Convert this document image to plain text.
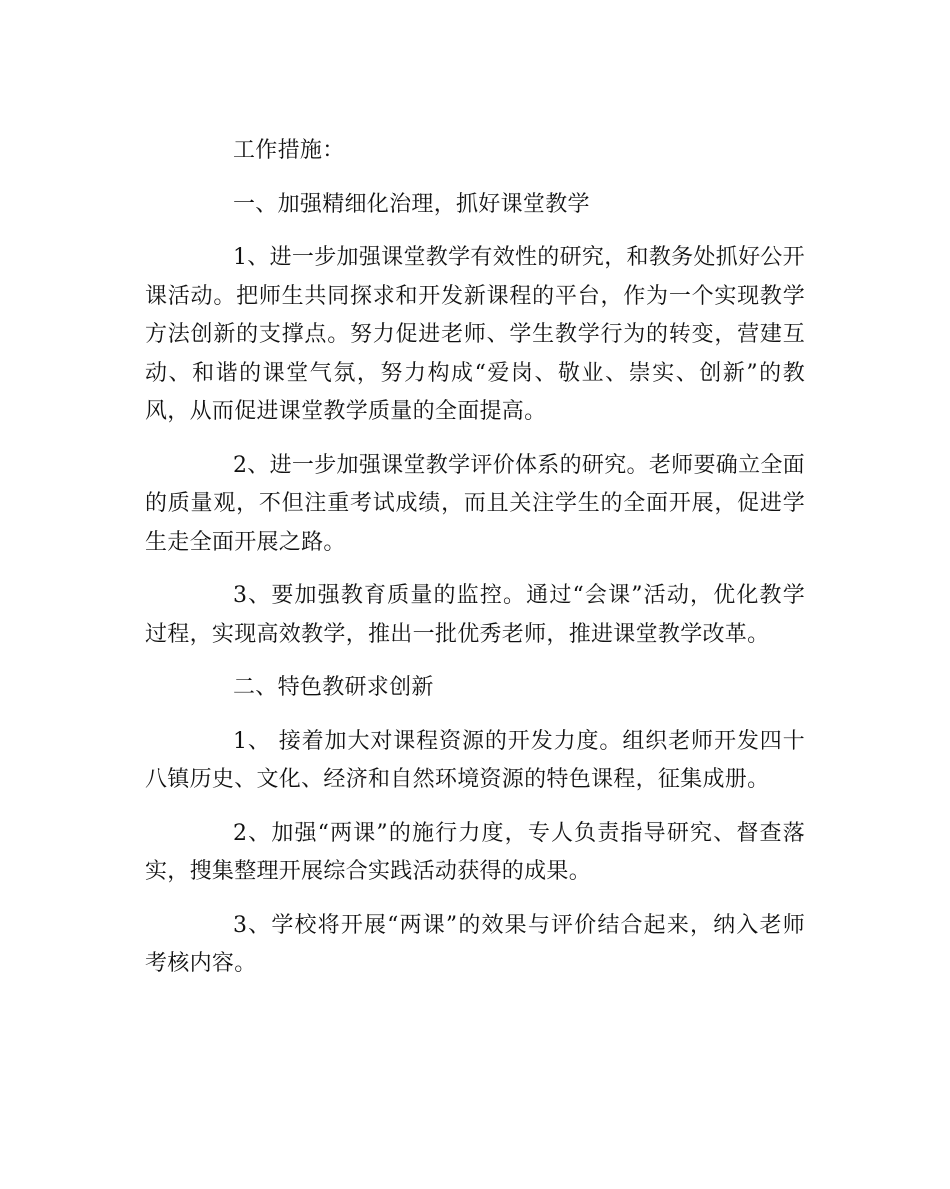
工作措施：

一、加强精细化治理，抓好课堂教学

1、进一步加强课堂教学有效性的研究，和教务处抓好公开课活动。把师生共同探求和开发新课程的平台，作为一个实现教学方法创新的支撑点。努力促进老师、学生教学行为的转变，营建互动、和谐的课堂气氛，努力构成“爱岗、敬业、崇实、创新”的教风，从而促进课堂教学质量的全面提高。

2、进一步加强课堂教学评价体系的研究。老师要确立全面的质量观，不但注重考试成绩，而且关注学生的全面开展，促进学生走全面开展之路。

3、要加强教育质量的监控。通过“会课”活动，优化教学过程，实现高效教学，推出一批优秀老师，推进课堂教学改革。

二、特色教研求创新

1、 接着加大对课程资源的开发力度。组织老师开发四十八镇历史、文化、经济和自然环境资源的特色课程，征集成册。

2、加强“两课”的施行力度，专人负责指导研究、督查落实，搜集整理开展综合实践活动获得的成果。

3、学校将开展“两课”的效果与评价结合起来，纳入老师考核内容。
